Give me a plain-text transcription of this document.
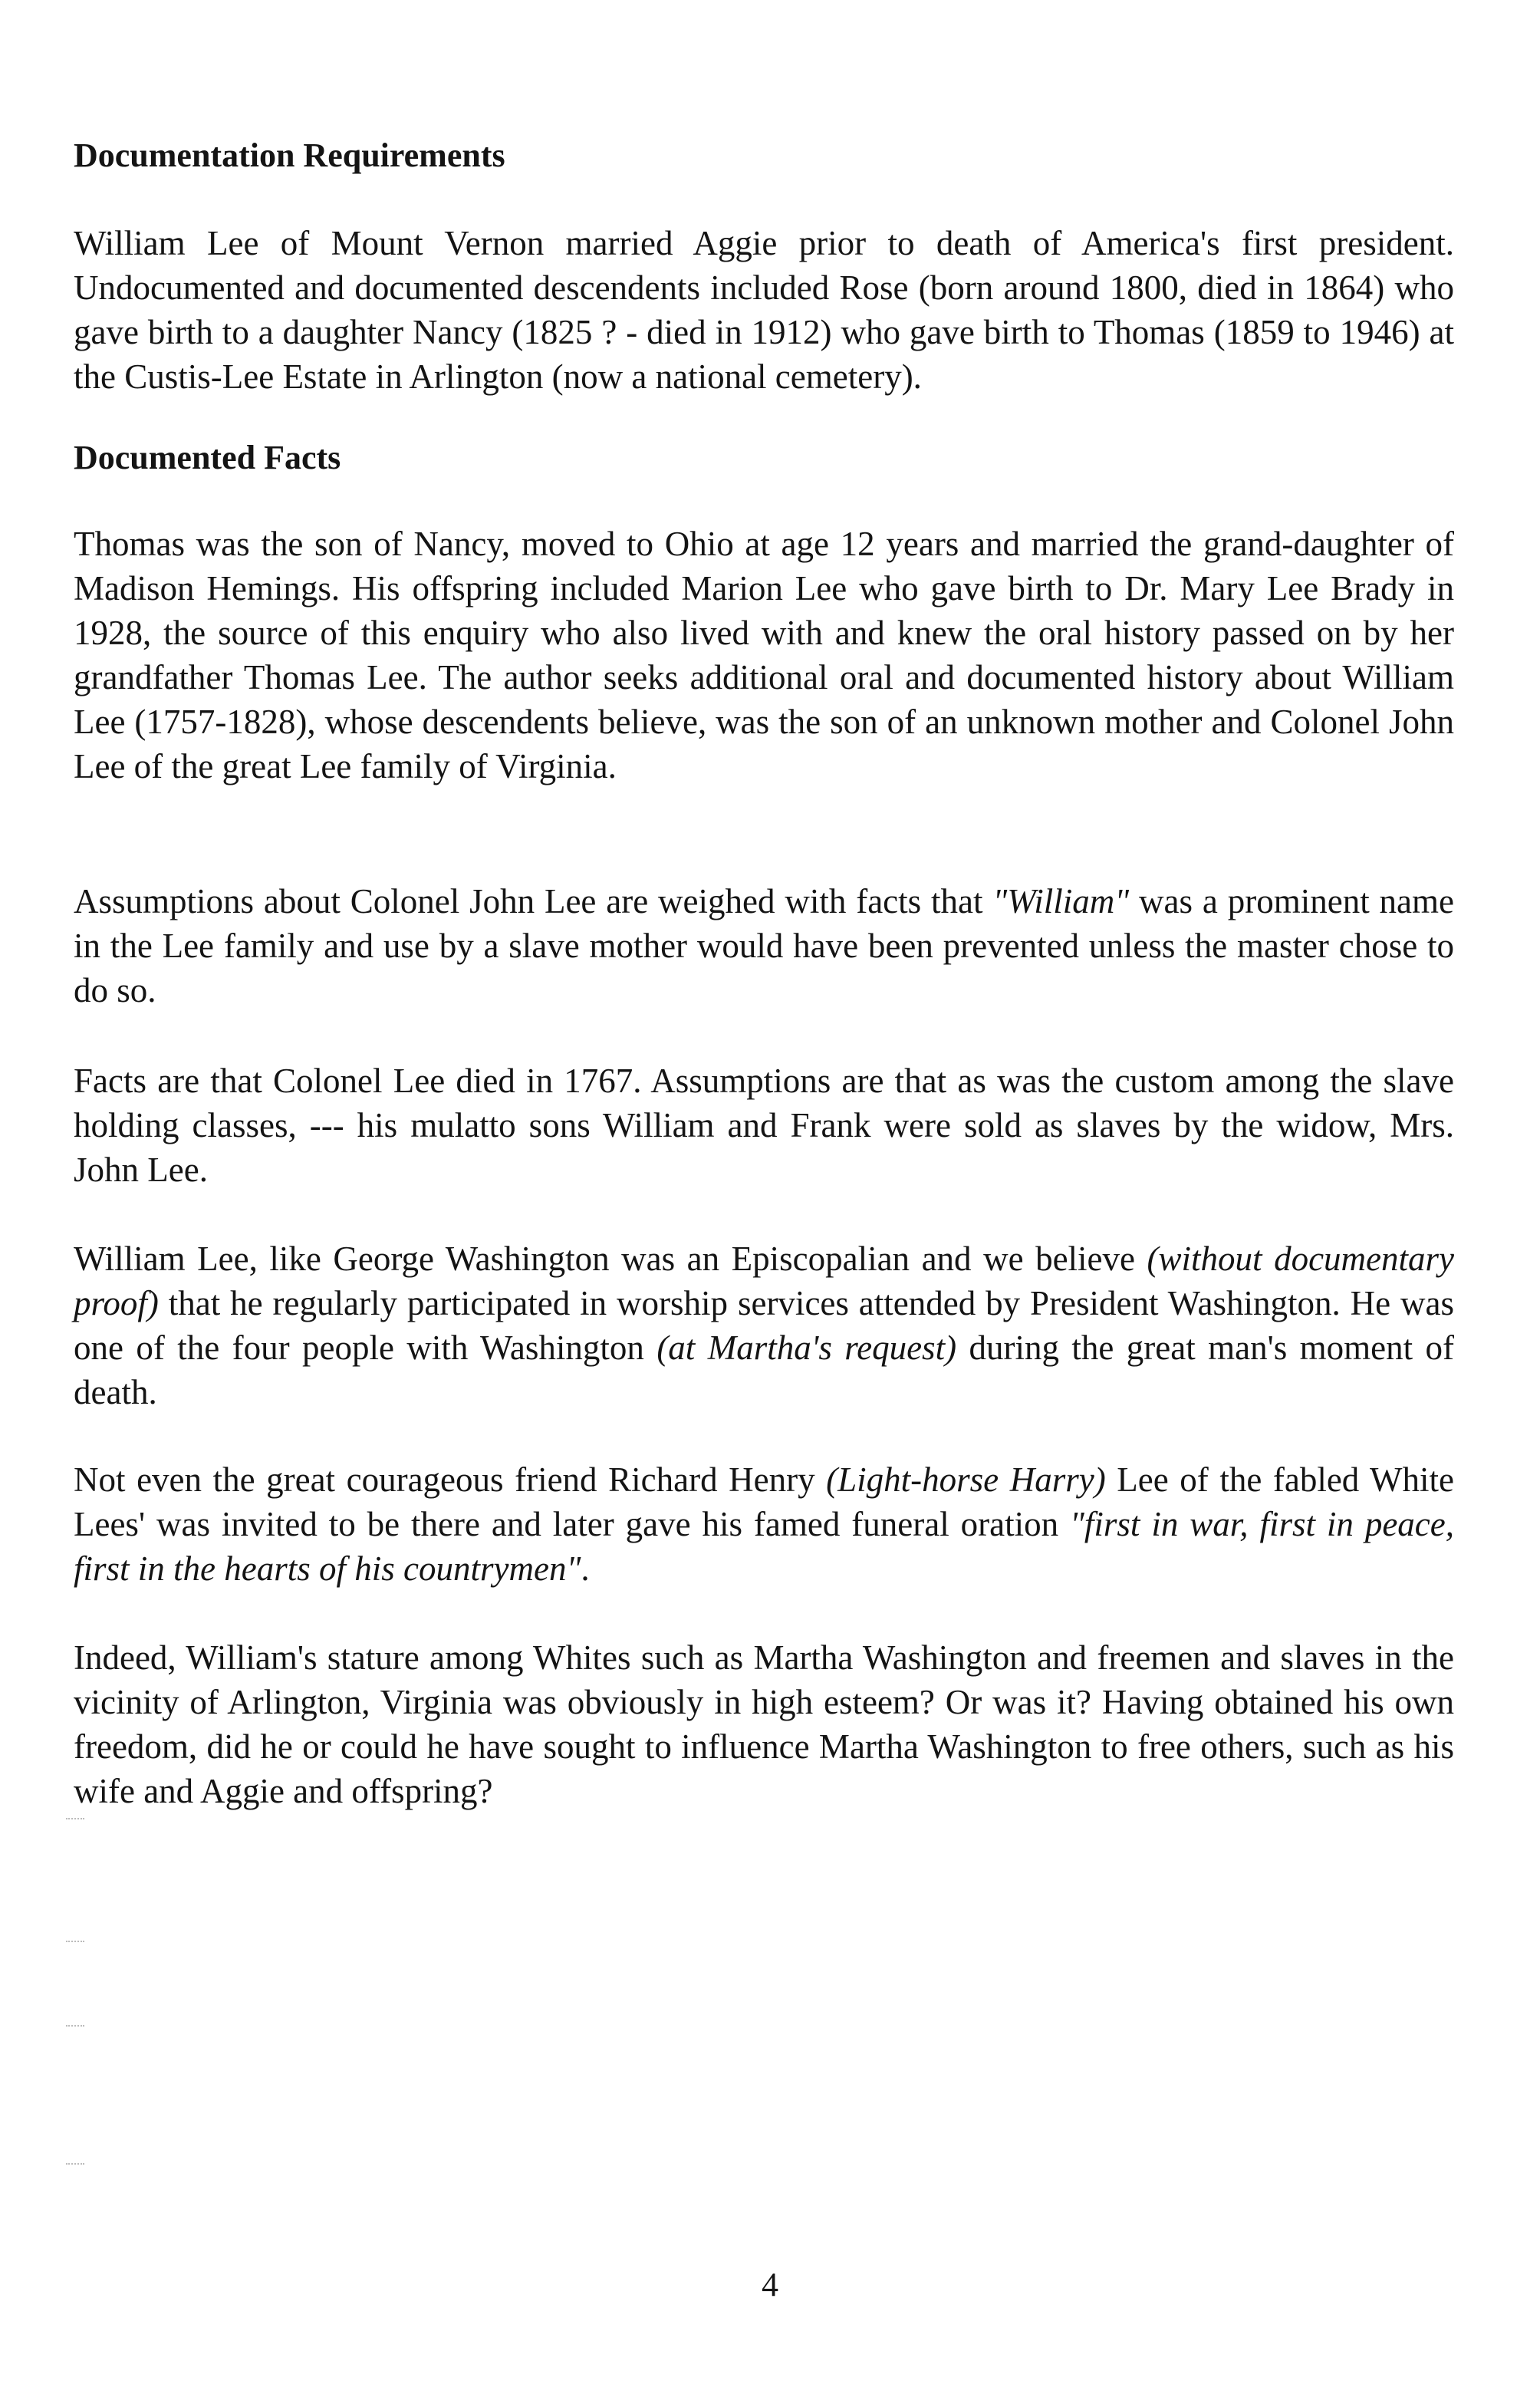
Documentation Requirements

William Lee of Mount Vernon married Aggie prior to death of America's first president. Undocumented and documented descendents included Rose (born around 1800, died in 1864) who gave birth to a daughter Nancy (1825 ? - died in 1912) who gave birth to Thomas (1859 to 1946) at the Custis-Lee Estate in Arlington (now a national cemetery).

Documented Facts

Thomas was the son of Nancy, moved to Ohio at age 12 years and married the grand-daughter of Madison Hemings. His offspring included Marion Lee who gave birth to Dr. Mary Lee Brady in 1928, the source of this enquiry who also lived with and knew the oral history passed on by her grandfather Thomas Lee. The author seeks additional oral and documented history about William Lee (1757-1828), whose descendents believe, was the son of an unknown mother and Colonel John Lee of the great Lee family of Virginia.

Assumptions about Colonel John Lee are weighed with facts that "William" was a prominent name in the Lee family and use by a slave mother would have been prevented unless the master chose to do so.

Facts are that Colonel Lee died in 1767. Assumptions are that as was the custom among the slave holding classes, --- his mulatto sons William and Frank were sold as slaves by the widow, Mrs. John Lee.

William Lee, like George Washington was an Episcopalian and we believe (without documentary proof) that he regularly participated in worship services attended by President Washington. He was one of the four people with Washington (at Martha's request) during the great man's moment of death.

Not even the great courageous friend Richard Henry (Light-horse Harry) Lee of the fabled White Lees' was invited to be there and later gave his famed funeral oration "first in war, first in peace, first in the hearts of his countrymen".

Indeed, William's stature among Whites such as Martha Washington and freemen and slaves in the vicinity of Arlington, Virginia was obviously in high esteem? Or was it? Having obtained his own freedom, did he or could he have sought to influence Martha Washington to free others, such as his wife and Aggie and offspring?

4
